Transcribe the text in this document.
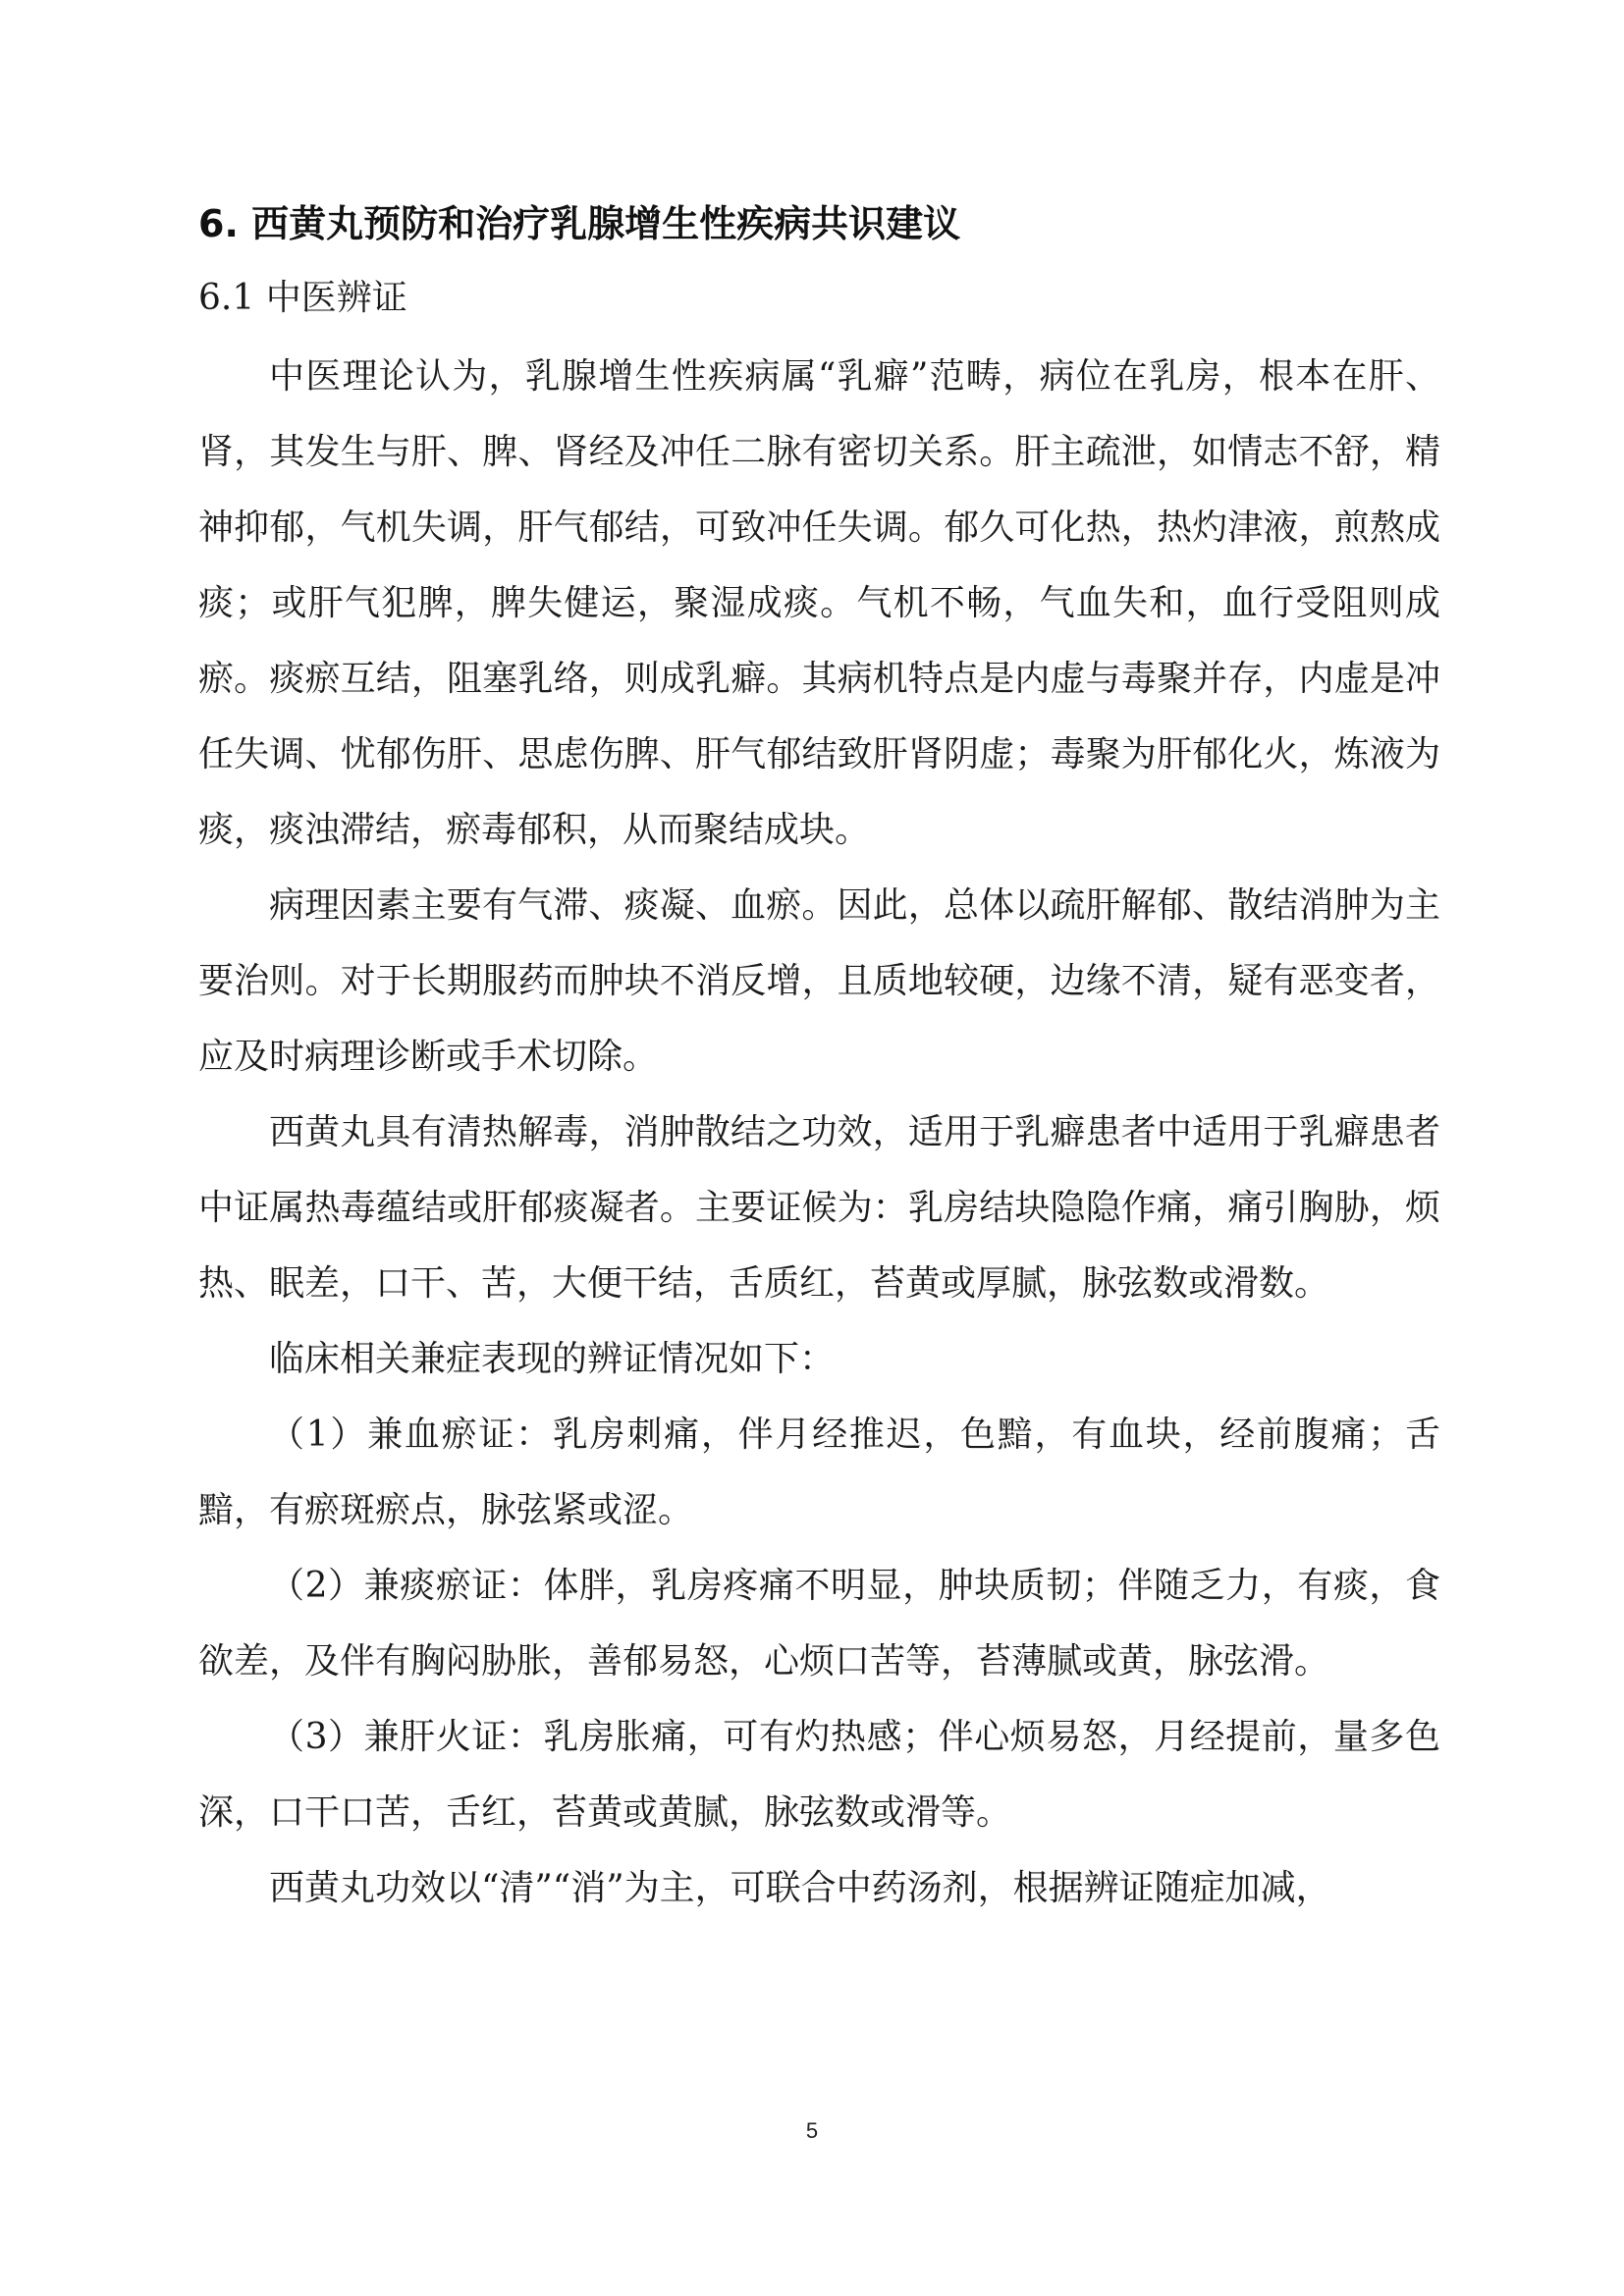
6. 西黄丸预防和治疗乳腺增生性疾病共识建议
6.1 中医辨证

中医理论认为，乳腺增生性疾病属“乳癖”范畴，病位在乳房，根本在肝、肾，其发生与肝、脾、肾经及冲任二脉有密切关系。肝主疏泄，如情志不舒，精神抑郁，气机失调，肝气郁结，可致冲任失调。郁久可化热，热灼津液，煎熬成痰；或肝气犯脾，脾失健运，聚湿成痰。气机不畅，气血失和，血行受阻则成瘀。痰瘀互结，阻塞乳络，则成乳癖。其病机特点是内虚与毒聚并存，内虚是冲任失调、忧郁伤肝、思虑伤脾、肝气郁结致肝肾阴虚；毒聚为肝郁化火，炼液为痰，痰浊滞结，瘀毒郁积，从而聚结成块。

病理因素主要有气滞、痰凝、血瘀。因此，总体以疏肝解郁、散结消肿为主要治则。对于长期服药而肿块不消反增，且质地较硬，边缘不清，疑有恶变者，应及时病理诊断或手术切除。

西黄丸具有清热解毒，消肿散结之功效，适用于乳癖患者中适用于乳癖患者中证属热毒蕴结或肝郁痰凝者。主要证候为：乳房结块隐隐作痛，痛引胸胁，烦热、眠差，口干、苦，大便干结，舌质红，苔黄或厚腻，脉弦数或滑数。

临床相关兼症表现的辨证情况如下：

（1）兼血瘀证：乳房刺痛，伴月经推迟，色黯，有血块，经前腹痛；舌黯，有瘀斑瘀点，脉弦紧或涩。

（2）兼痰瘀证：体胖，乳房疼痛不明显，肿块质韧；伴随乏力，有痰，食欲差，及伴有胸闷胁胀，善郁易怒，心烦口苦等，苔薄腻或黄，脉弦滑。

（3）兼肝火证：乳房胀痛，可有灼热感；伴心烦易怒，月经提前，量多色深，口干口苦，舌红，苔黄或黄腻，脉弦数或滑等。

西黄丸功效以“清”“消”为主，可联合中药汤剂，根据辨证随症加减，

5
